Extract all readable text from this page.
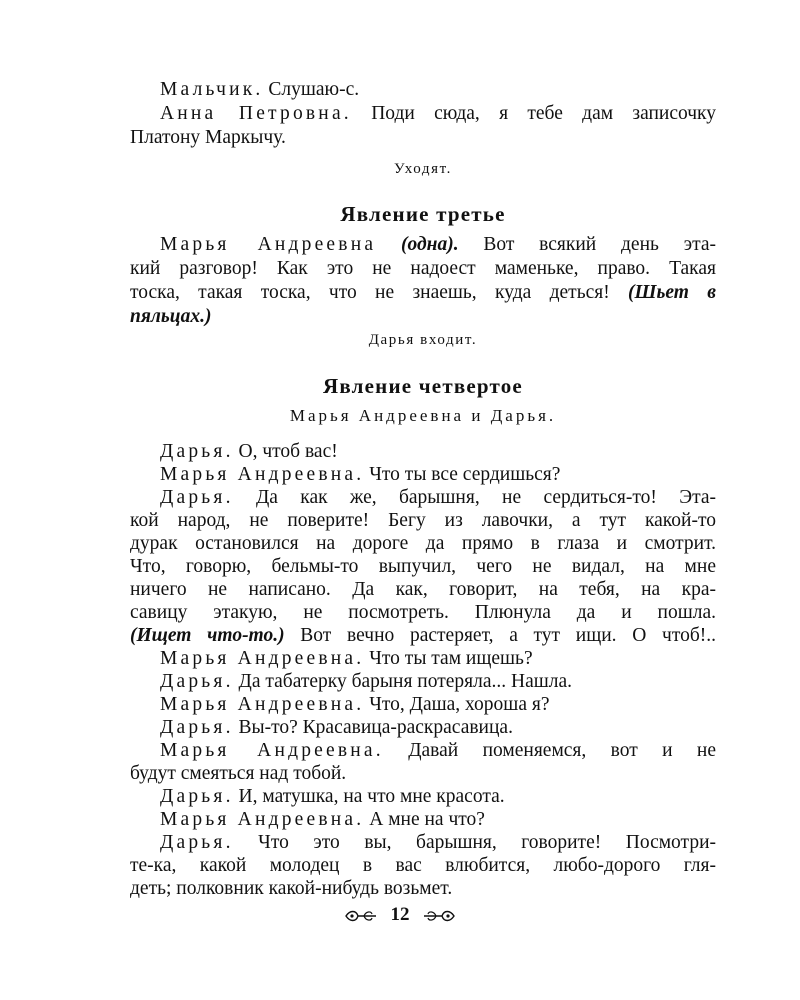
Мальчик. Слушаю-с.

Анна Петровна. Поди сюда, я тебе дам записочку

Платону Маркычу.

Уходят.

Явление третье

Марья Андреевна (одна). Вот всякий день эта-

кий разговор! Как это не надоест маменьке, право. Такая

тоска, такая тоска, что не знаешь, куда деться! (Шьет в

пяльцах.)

Дарья входит.

Явление четвертое

Марья Андреевна и Дарья.

Дарья. О, чтоб вас!

Марья Андреевна. Что ты все сердишься?

Дарья. Да как же, барышня, не сердиться-то! Эта-

кой народ, не поверите! Бегу из лавочки, а тут какой-то

дурак остановился на дороге да прямо в глаза и смотрит.

Что, говорю, бельмы-то выпучил, чего не видал, на мне

ничего не написано. Да как, говорит, на тебя, на кра-

савицу этакую, не посмотреть. Плюнула да и пошла.

(Ищет что-то.) Вот вечно растеряет, а тут ищи. О чтоб!..

Марья Андреевна. Что ты там ищешь?

Дарья. Да табатерку барыня потеряла... Нашла.

Марья Андреевна. Что, Даша, хороша я?

Дарья. Вы-то? Красавица-раскрасавица.

Марья Андреевна. Давай поменяемся, вот и не

будут смеяться над тобой.

Дарья. И, матушка, на что мне красота.

Марья Андреевна. А мне на что?

Дарья. Что это вы, барышня, говорите! Посмотри-

те-ка, какой молодец в вас влюбится, любо-дорого гля-

деть; полковник какой-нибудь возьмет.

12
